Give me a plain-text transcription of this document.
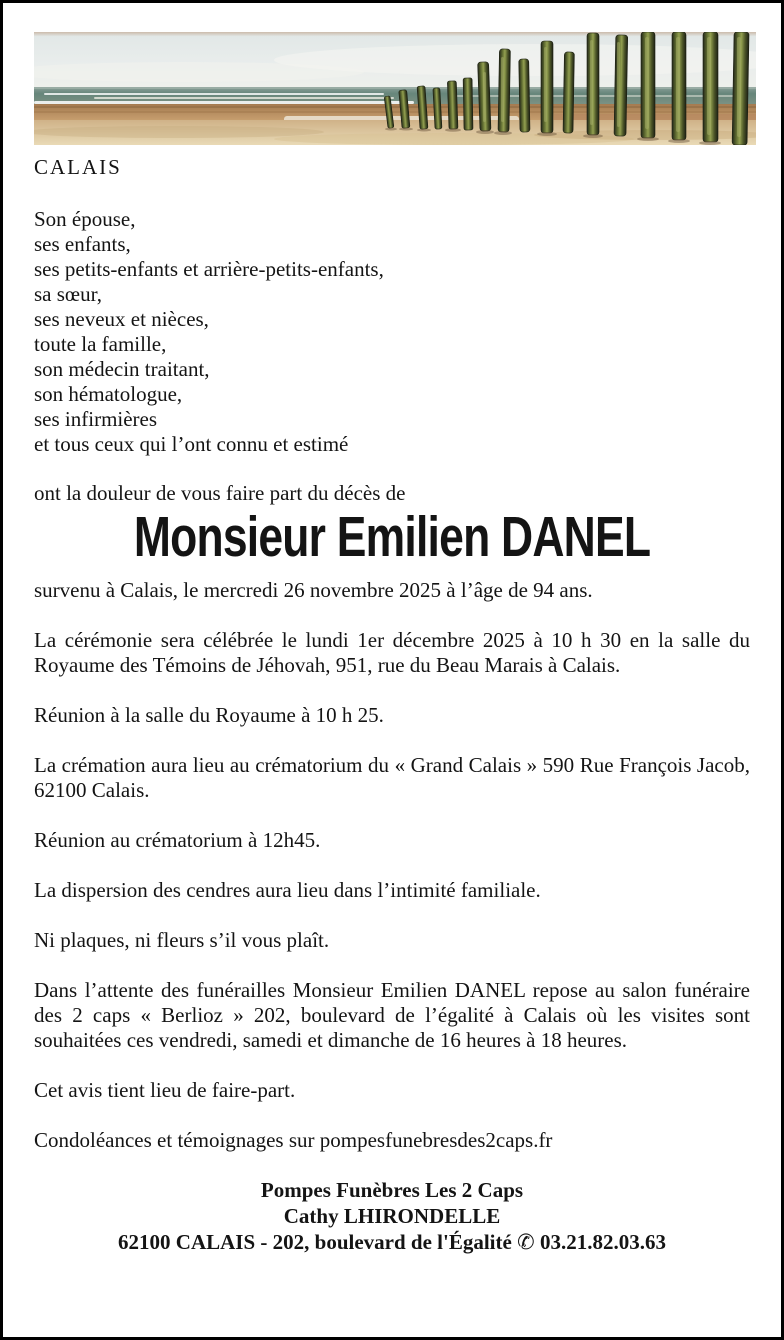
CALAIS
Son épouse,
ses enfants,
ses petits-enfants et arrière-petits-enfants,
sa sœur,
ses neveux et nièces,
toute la famille,
son médecin traitant,
son hématologue,
ses infirmières
et tous ceux qui l’ont connu et estimé
ont la douleur de vous faire part du décès de
Monsieur Emilien DANEL
survenu à Calais, le mercredi 26 novembre 2025 à l’âge de 94 ans.

La cérémonie sera célébrée le lundi 1er décembre 2025 à 10 h 30 en la salle du Royaume des Témoins de Jéhovah, 951, rue du Beau Marais à Calais.

Réunion à la salle du Royaume à 10 h 25.

La crémation aura lieu au crématorium du « Grand Calais » 590 Rue François Jacob, 62100 Calais.

Réunion au crématorium à 12h45.

La dispersion des cendres aura lieu dans l’intimité familiale.

Ni plaques, ni fleurs s’il vous plaît.

Dans l’attente des funérailles Monsieur Emilien DANEL repose au salon funéraire des 2 caps « Berlioz » 202, boulevard de l’égalité à Calais où les visites sont souhaitées ces vendredi, samedi et dimanche de 16 heures à 18 heures.

Cet avis tient lieu de faire-part.

Condoléances et témoignages sur pompesfunebresdes2caps.fr

Pompes Funèbres Les 2 Caps
Cathy LHIRONDELLE
62100 CALAIS - 202, boulevard de l'Égalité ✆ 03.21.82.03.63
